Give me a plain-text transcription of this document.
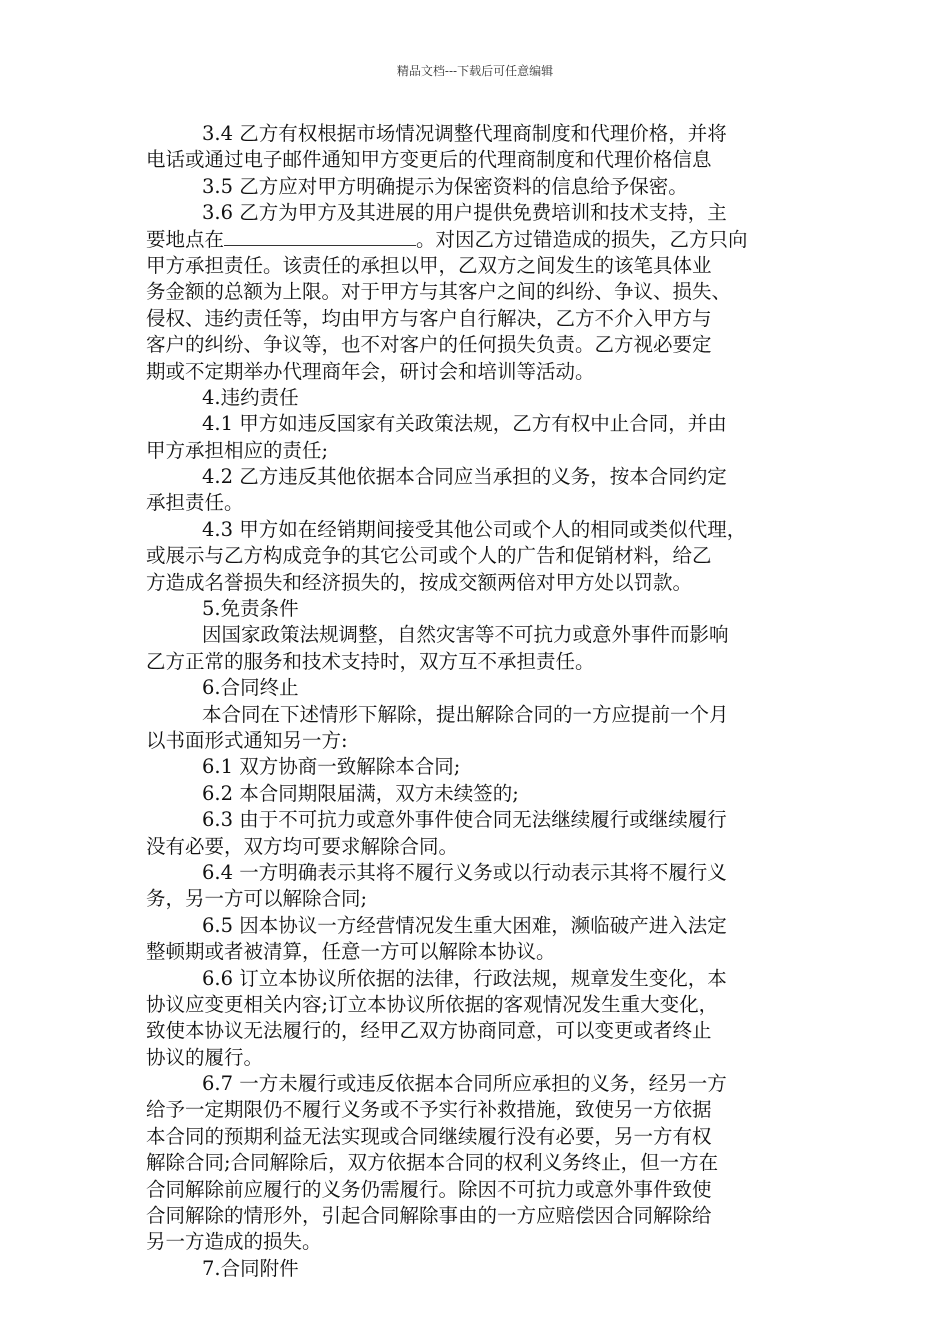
精品文档---下载后可任意编辑
3.4 乙方有权根据市场情况调整代理商制度和代理价格，并将
电话或通过电子邮件通知甲方变更后的代理商制度和代理价格信息
3.5 乙方应对甲方明确提示为保密资料的信息给予保密。
3.6 乙方为甲方及其进展的用户提供免费培训和技术支持，主
要地点在	。对因乙方过错造成的损失，乙方只向
甲方承担责任。该责任的承担以甲，乙双方之间发生的该笔具体业
务金额的总额为上限。对于甲方与其客户之间的纠纷、争议、损失、
侵权、违约责任等，均由甲方与客户自行解决，乙方不介入甲方与
客户的纠纷、争议等，也不对客户的任何损失负责。乙方视必要定
期或不定期举办代理商年会，研讨会和培训等活动。
4.违约责任
4.1 甲方如违反国家有关政策法规，乙方有权中止合同，并由
甲方承担相应的责任;
4.2 乙方违反其他依据本合同应当承担的义务，按本合同约定
承担责任。
4.3 甲方如在经销期间接受其他公司或个人的相同或类似代理，
或展示与乙方构成竞争的其它公司或个人的广告和促销材料，给乙
方造成名誉损失和经济损失的，按成交额两倍对甲方处以罚款。
5.免责条件
因国家政策法规调整，自然灾害等不可抗力或意外事件而影响
乙方正常的服务和技术支持时，双方互不承担责任。
6.合同终止
本合同在下述情形下解除，提出解除合同的一方应提前一个月
以书面形式通知另一方:
6.1 双方协商一致解除本合同;
6.2 本合同期限届满，双方未续签的;
6.3 由于不可抗力或意外事件使合同无法继续履行或继续履行
没有必要，双方均可要求解除合同。
6.4 一方明确表示其将不履行义务或以行动表示其将不履行义
务，另一方可以解除合同;
6.5 因本协议一方经营情况发生重大困难，濒临破产进入法定
整顿期或者被清算，任意一方可以解除本协议。
6.6 订立本协议所依据的法律，行政法规，规章发生变化，本
协议应变更相关内容;订立本协议所依据的客观情况发生重大变化，
致使本协议无法履行的，经甲乙双方协商同意，可以变更或者终止
协议的履行。
6.7 一方未履行或违反依据本合同所应承担的义务，经另一方
给予一定期限仍不履行义务或不予实行补救措施，致使另一方依据
本合同的预期利益无法实现或合同继续履行没有必要，另一方有权
解除合同;合同解除后，双方依据本合同的权利义务终止，但一方在
合同解除前应履行的义务仍需履行。除因不可抗力或意外事件致使
合同解除的情形外，引起合同解除事由的一方应赔偿因合同解除给
另一方造成的损失。
7.合同附件
